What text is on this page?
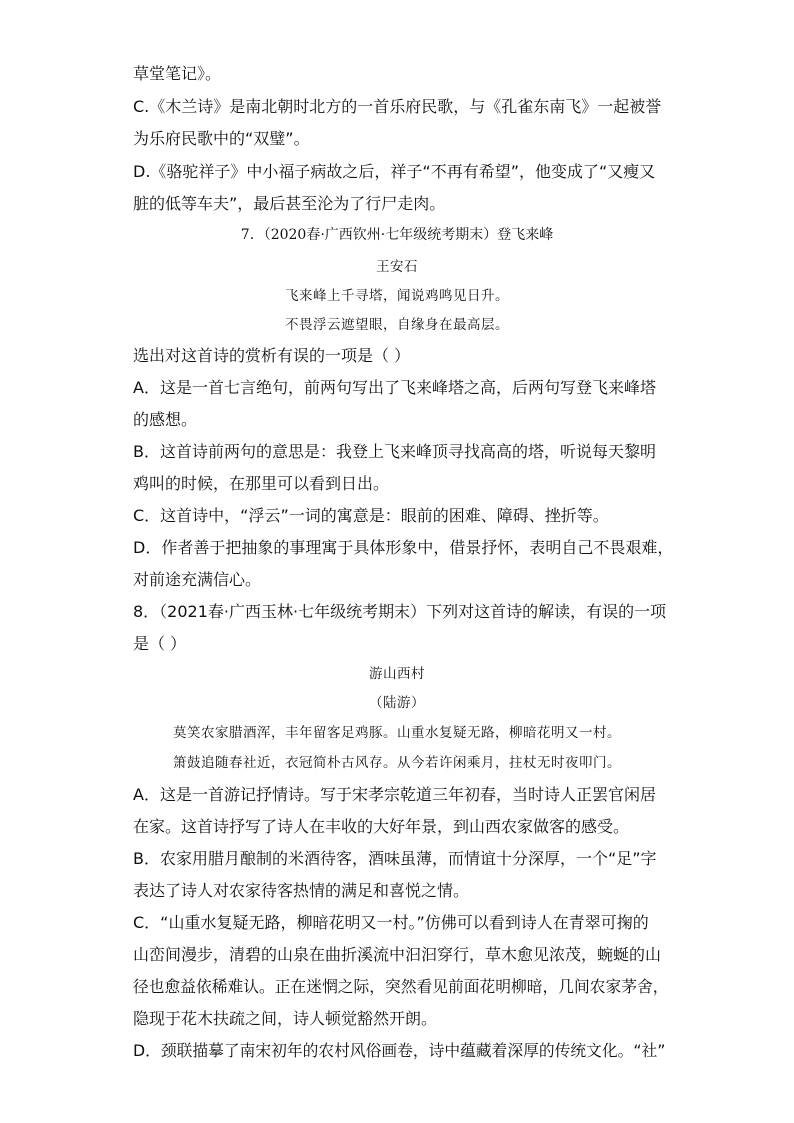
草堂笔记》。
C.《木兰诗》是南北朝时北方的一首乐府民歌，与《孔雀东南飞》一起被誉
为乐府民歌中的“双璧”。
D.《骆驼祥子》中小福子病故之后，祥子“不再有希望”，他变成了“又瘦又
脏的低等车夫”，最后甚至沦为了行尸走肉。
7．（2020春·广西钦州·七年级统考期末）登飞来峰
王安石
飞来峰上千寻塔，闻说鸡鸣见日升。
不畏浮云遮望眼，自缘身在最高层。
选出对这首诗的赏析有误的一项是（ ）
A．这是一首七言绝句，前两句写出了飞来峰塔之高，后两句写登飞来峰塔
的感想。
B．这首诗前两句的意思是：我登上飞来峰顶寻找高高的塔，听说每天黎明
鸡叫的时候，在那里可以看到日出。
C．这首诗中，“浮云”一词的寓意是：眼前的困难、障碍、挫折等。
D．作者善于把抽象的事理寓于具体形象中，借景抒怀，表明自己不畏艰难，
对前途充满信心。
8．（2021春·广西玉林·七年级统考期末）下列对这首诗的解读，有误的一项
是（ ）
游山西村
（陆游）
莫笑农家腊酒浑，丰年留客足鸡豚。山重水复疑无路，柳暗花明又一村。
箫鼓追随春社近，衣冠简朴古风存。从今若许闲乘月，拄杖无时夜叩门。
A．这是一首游记抒情诗。写于宋孝宗乾道三年初春，当时诗人正罢官闲居
在家。这首诗抒写了诗人在丰收的大好年景，到山西农家做客的感受。
B．农家用腊月酿制的米酒待客，酒味虽薄，而情谊十分深厚，一个“足”字
表达了诗人对农家待客热情的满足和喜悦之情。
C．“山重水复疑无路，柳暗花明又一村。”仿佛可以看到诗人在青翠可掬的
山峦间漫步，清碧的山泉在曲折溪流中汩汩穿行，草木愈见浓茂，蜿蜒的山
径也愈益依稀难认。正在迷惘之际，突然看见前面花明柳暗，几间农家茅舍，
隐现于花木扶疏之间，诗人顿觉豁然开朗。
D．颈联描摹了南宋初年的农村风俗画卷，诗中蕴藏着深厚的传统文化。“社”
